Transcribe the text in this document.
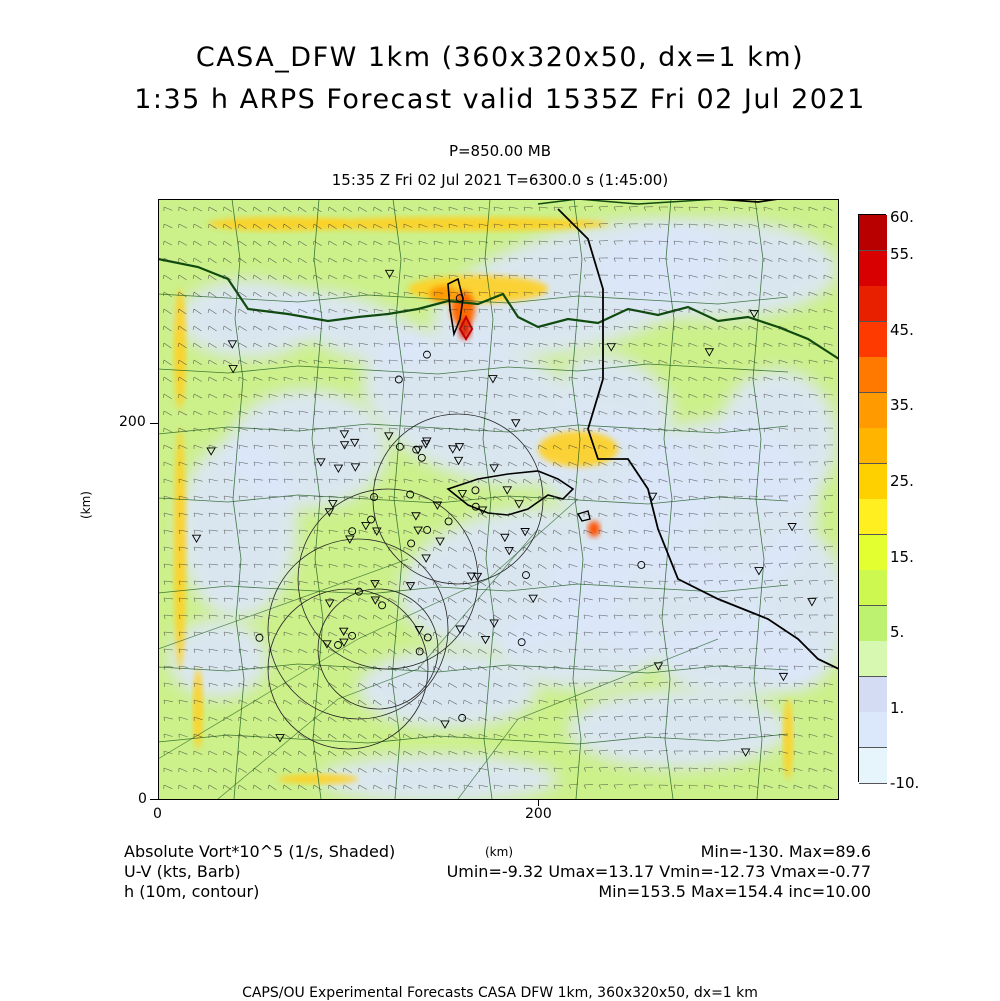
CASA_DFW 1km (360x320x50, dx=1 km)
1:35 h ARPS Forecast valid 1535Z Fri 02 Jul 2021
P=850.00 MB
15:35 Z Fri 02 Jul 2021 T=6300.0 s (1:45:00)
200
0
0	200
(km)
(km)
60.
55.
45.
35.
25.
15.
5.
1.
-10.
Absolute Vort*10^5 (1/s, Shaded)
U-V (kts, Barb)
h (10m, contour)
Min=-130. Max=89.6
Umin=-9.32 Umax=13.17 Vmin=-12.73 Vmax=-0.77
Min=153.5 Max=154.4 inc=10.00
CAPS/OU Experimental Forecasts CASA DFW 1km, 360x320x50, dx=1 km
